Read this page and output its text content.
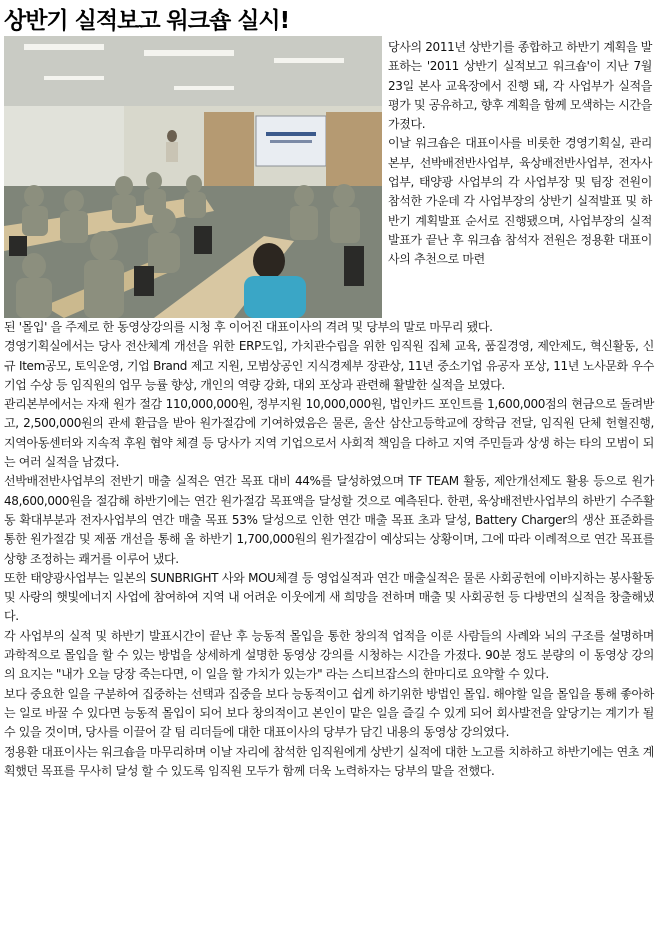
상반기 실적보고 워크숍 실시!

당사의 2011년 상반기를 종합하고 하반기 계획을 발표하는 '2011 상반기 실적보고 워크숍'이 지난 7월 23일 본사 교육장에서 진행 돼, 각 사업부가 실적을 평가 및 공유하고, 향후 계획을 함께 모색하는 시간을 가졌다.

이날 워크숍은 대표이사를 비롯한 경영기획실, 관리본부, 선박배전반사업부, 육상배전반사업부, 전자사업부, 태양광 사업부의 각 사업부장 및 팀장 전원이 참석한 가운데 각 사업부장의 상반기 실적발표 및 하반기 계획발표 순서로 진행됐으며, 사업부장의 실적발표가 끝난 후 워크숍 참석자 전원은 정용환 대표이사의 추천으로 마련

된 '몰입' 을 주제로 한 동영상강의를 시청 후 이어진 대표이사의 격려 및 당부의 말로 마무리 됐다.

경영기획실에서는 당사 전산체계 개선을 위한 ERP도입, 가치관수립을 위한 임직원 집체 교육, 품질경영, 제안제도, 혁신활동, 신규 Item공모, 토익운영, 기업 Brand 제고 지원, 모범상공인 지식경제부 장관상, 11년 중소기업 유공자 포상, 11년 노사문화 우수기업 수상 등 임직원의 업무 능률 향상, 개인의 역량 강화, 대외 포상과 관련해 활발한 실적을 보였다.

관리본부에서는 자재 원가 절감 110,000,000원, 정부지원 10,000,000원, 법인카드 포인트를 1,600,000점의 현금으로 돌려받고, 2,500,000원의 관세 환급을 받아 원가절감에 기여하였음은 물론, 울산 삼산고등학교에 장학금 전달, 임직원 단체 헌혈진행, 지역아동센터와 지속적 후원 협약 체결 등 당사가 지역 기업으로서 사회적 책임을 다하고 지역 주민들과 상생 하는 타의 모범이 되는 여러 실적을 남겼다.

선박배전반사업부의 전반기 매출 실적은 연간 목표 대비 44%를 달성하였으며 TF TEAM 활동, 제안개선제도 활용 등으로 원가 48,600,000원을 절감해 하반기에는 연간 원가절감 목표액을 달성할 것으로 예측된다. 한편, 육상배전반사업부의 하반기 수주활동 확대부분과 전자사업부의 연간 매출 목표 53% 달성으로 인한 연간 매출 목표 초과 달성, Battery Charger의 생산 표준화를 통한 원가절감 및 제품 개선을 통해 올 하반기 1,700,000원의 원가절감이 예상되는 상황이며, 그에 따라 이례적으로 연간 목표를 상향 조정하는 쾌거를 이루어 냈다.

또한 태양광사업부는 일본의 SUNBRIGHT 사와 MOU체결 등 영업실적과 연간 매출실적은 물론 사회공헌에 이바지하는 봉사활동 및 사랑의 햇빛에너지 사업에 참여하여 지역 내 어려운 이웃에게 새 희망을 전하며 매출 및 사회공헌 등 다방면의 실적을 창출해냈다.

각 사업부의 실적 및 하반기 발표시간이 끝난 후 능동적 몰입을 통한 창의적 업적을 이룬 사람들의 사례와 뇌의 구조를 설명하며 과학적으로 몰입을 할 수 있는 방법을 상세하게 설명한 동영상 강의를 시청하는 시간을 가졌다. 90분 정도 분량의 이 동영상 강의의 요지는 "내가 오늘 당장 죽는다면, 이 일을 할 가치가 있는가" 라는 스티브잡스의 한마디로 요약할 수 있다.

보다 중요한 일을 구분하여 집중하는 선택과 집중을 보다 능동적이고 쉽게 하기위한 방법인 몰입. 해야할 일을 몰입을 통해 좋아하는 일로 바꿀 수 있다면 능동적 몰입이 되어 보다 창의적이고 본인이 맡은 일을 즐길 수 있게 되어 회사발전을 앞당기는 계기가 될 수 있을 것이며, 당사를 이끌어 갈 팀 리더들에 대한 대표이사의 당부가 담긴 내용의 동영상 강의였다.

정용환 대표이사는 워크숍을 마무리하며 이날 자리에 참석한 임직원에게 상반기 실적에 대한 노고를 치하하고 하반기에는 연초 계획했던 목표를 무사히 달성 할 수 있도록 임직원 모두가 함께 더욱 노력하자는 당부의 말을 전했다.
